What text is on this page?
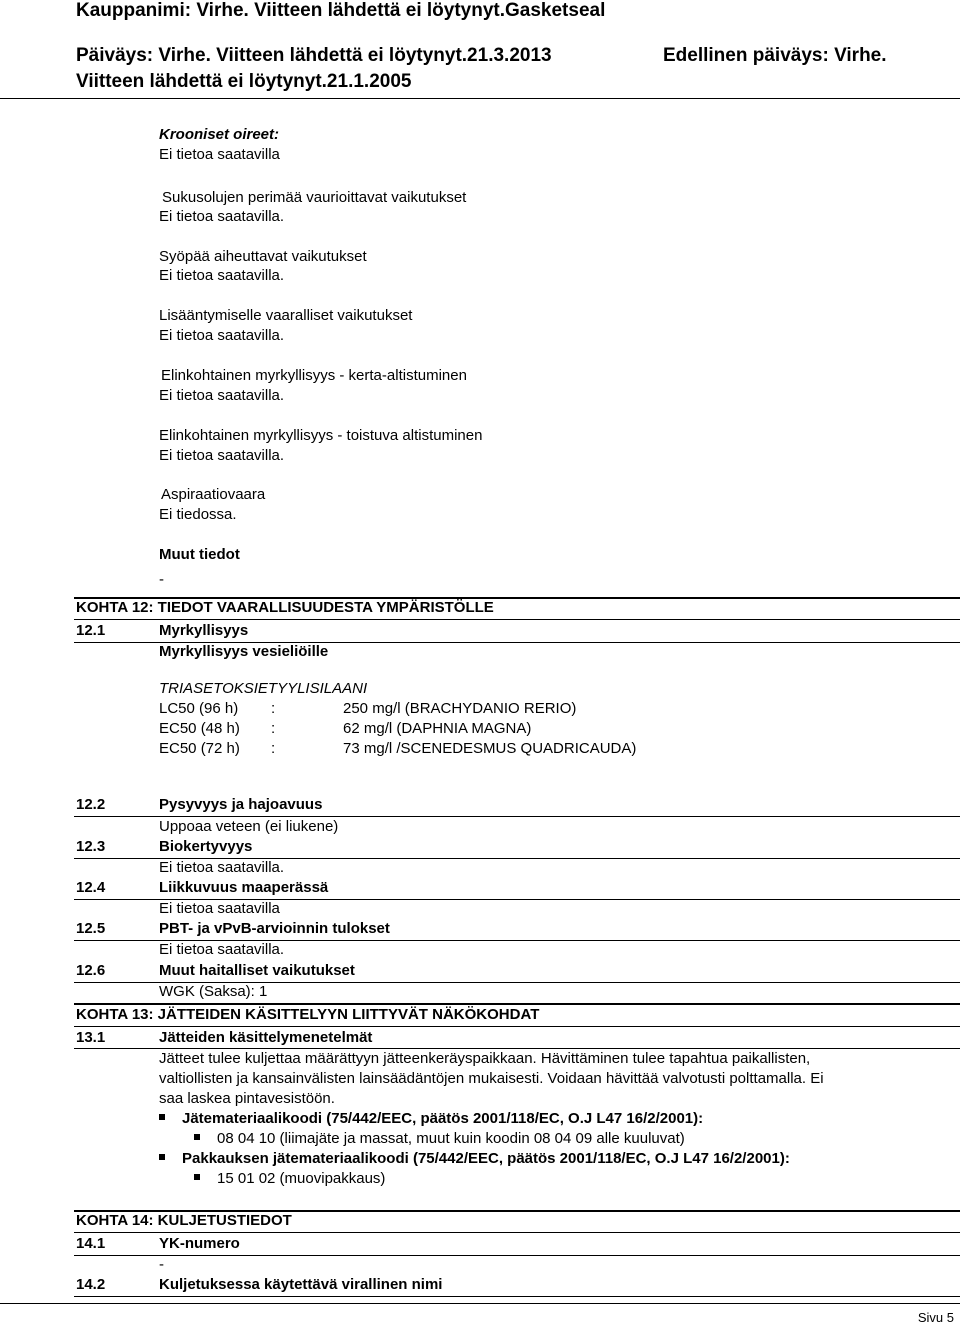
Kauppanimi: Virhe. Viitteen lähdettä ei löytynyt.Gasketseal
Päiväys: Virhe. Viitteen lähdettä ei löytynyt.21.3.2013	Edellinen päiväys: Virhe.
Viitteen lähdettä ei löytynyt.21.1.2005
Krooniset oireet:
Ei tietoa saatavilla
Sukusolujen perimää vaurioittavat vaikutukset
Ei tietoa saatavilla.
Syöpää aiheuttavat vaikutukset
Ei tietoa saatavilla.
Lisääntymiselle vaaralliset vaikutukset
Ei tietoa saatavilla.
Elinkohtainen myrkyllisyys - kerta-altistuminen
Ei tietoa saatavilla.
Elinkohtainen myrkyllisyys - toistuva altistuminen
Ei tietoa saatavilla.
Aspiraatiovaara
Ei tiedossa.
Muut tiedot
-
KOHTA 12: TIEDOT VAARALLISUUDESTA YMPÄRISTÖLLE
12.1	Myrkyllisyys
Myrkyllisyys vesieliöille
TRIASETOKSIETYYLISILAANI
LC50 (96 h) :	250 mg/l (BRACHYDANIO RERIO)
EC50 (48 h) :	62 mg/l (DAPHNIA MAGNA)
EC50 (72 h) :	73 mg/l /SCENEDESMUS QUADRICAUDA)
12.2	Pysyvyys ja hajoavuus
Uppoaa veteen (ei liukene)
12.3	Biokertyvyys
Ei tietoa saatavilla.
12.4	Liikkuvuus maaperässä
Ei tietoa saatavilla
12.5	PBT- ja vPvB-arvioinnin tulokset
Ei tietoa saatavilla.
12.6	Muut haitalliset vaikutukset
WGK (Saksa): 1
KOHTA 13: JÄTTEIDEN KÄSITTELYYN LIITTYVÄT NÄKÖKOHDAT
13.1	Jätteiden käsittelymenetelmät
Jätteet tulee kuljettaa määrättyyn jätteenkeräyspaikkaan. Hävittäminen tulee tapahtua paikallisten,
valtiollisten ja kansainvälisten lainsäädäntöjen mukaisesti. Voidaan hävittää valvotusti polttamalla. Ei
saa laskea pintavesistöön.
Jätemateriaalikoodi (75/442/EEC, päätös 2001/118/EC, O.J L47 16/2/2001):
08 04 10 (liimajäte ja massat, muut kuin koodin 08 04 09 alle kuuluvat)
Pakkauksen jätemateriaalikoodi (75/442/EEC, päätös 2001/118/EC, O.J L47 16/2/2001):
15 01 02 (muovipakkaus)
KOHTA 14: KULJETUSTIEDOT
14.1	YK-numero
-
14.2	Kuljetuksessa käytettävä virallinen nimi
Sivu 5
